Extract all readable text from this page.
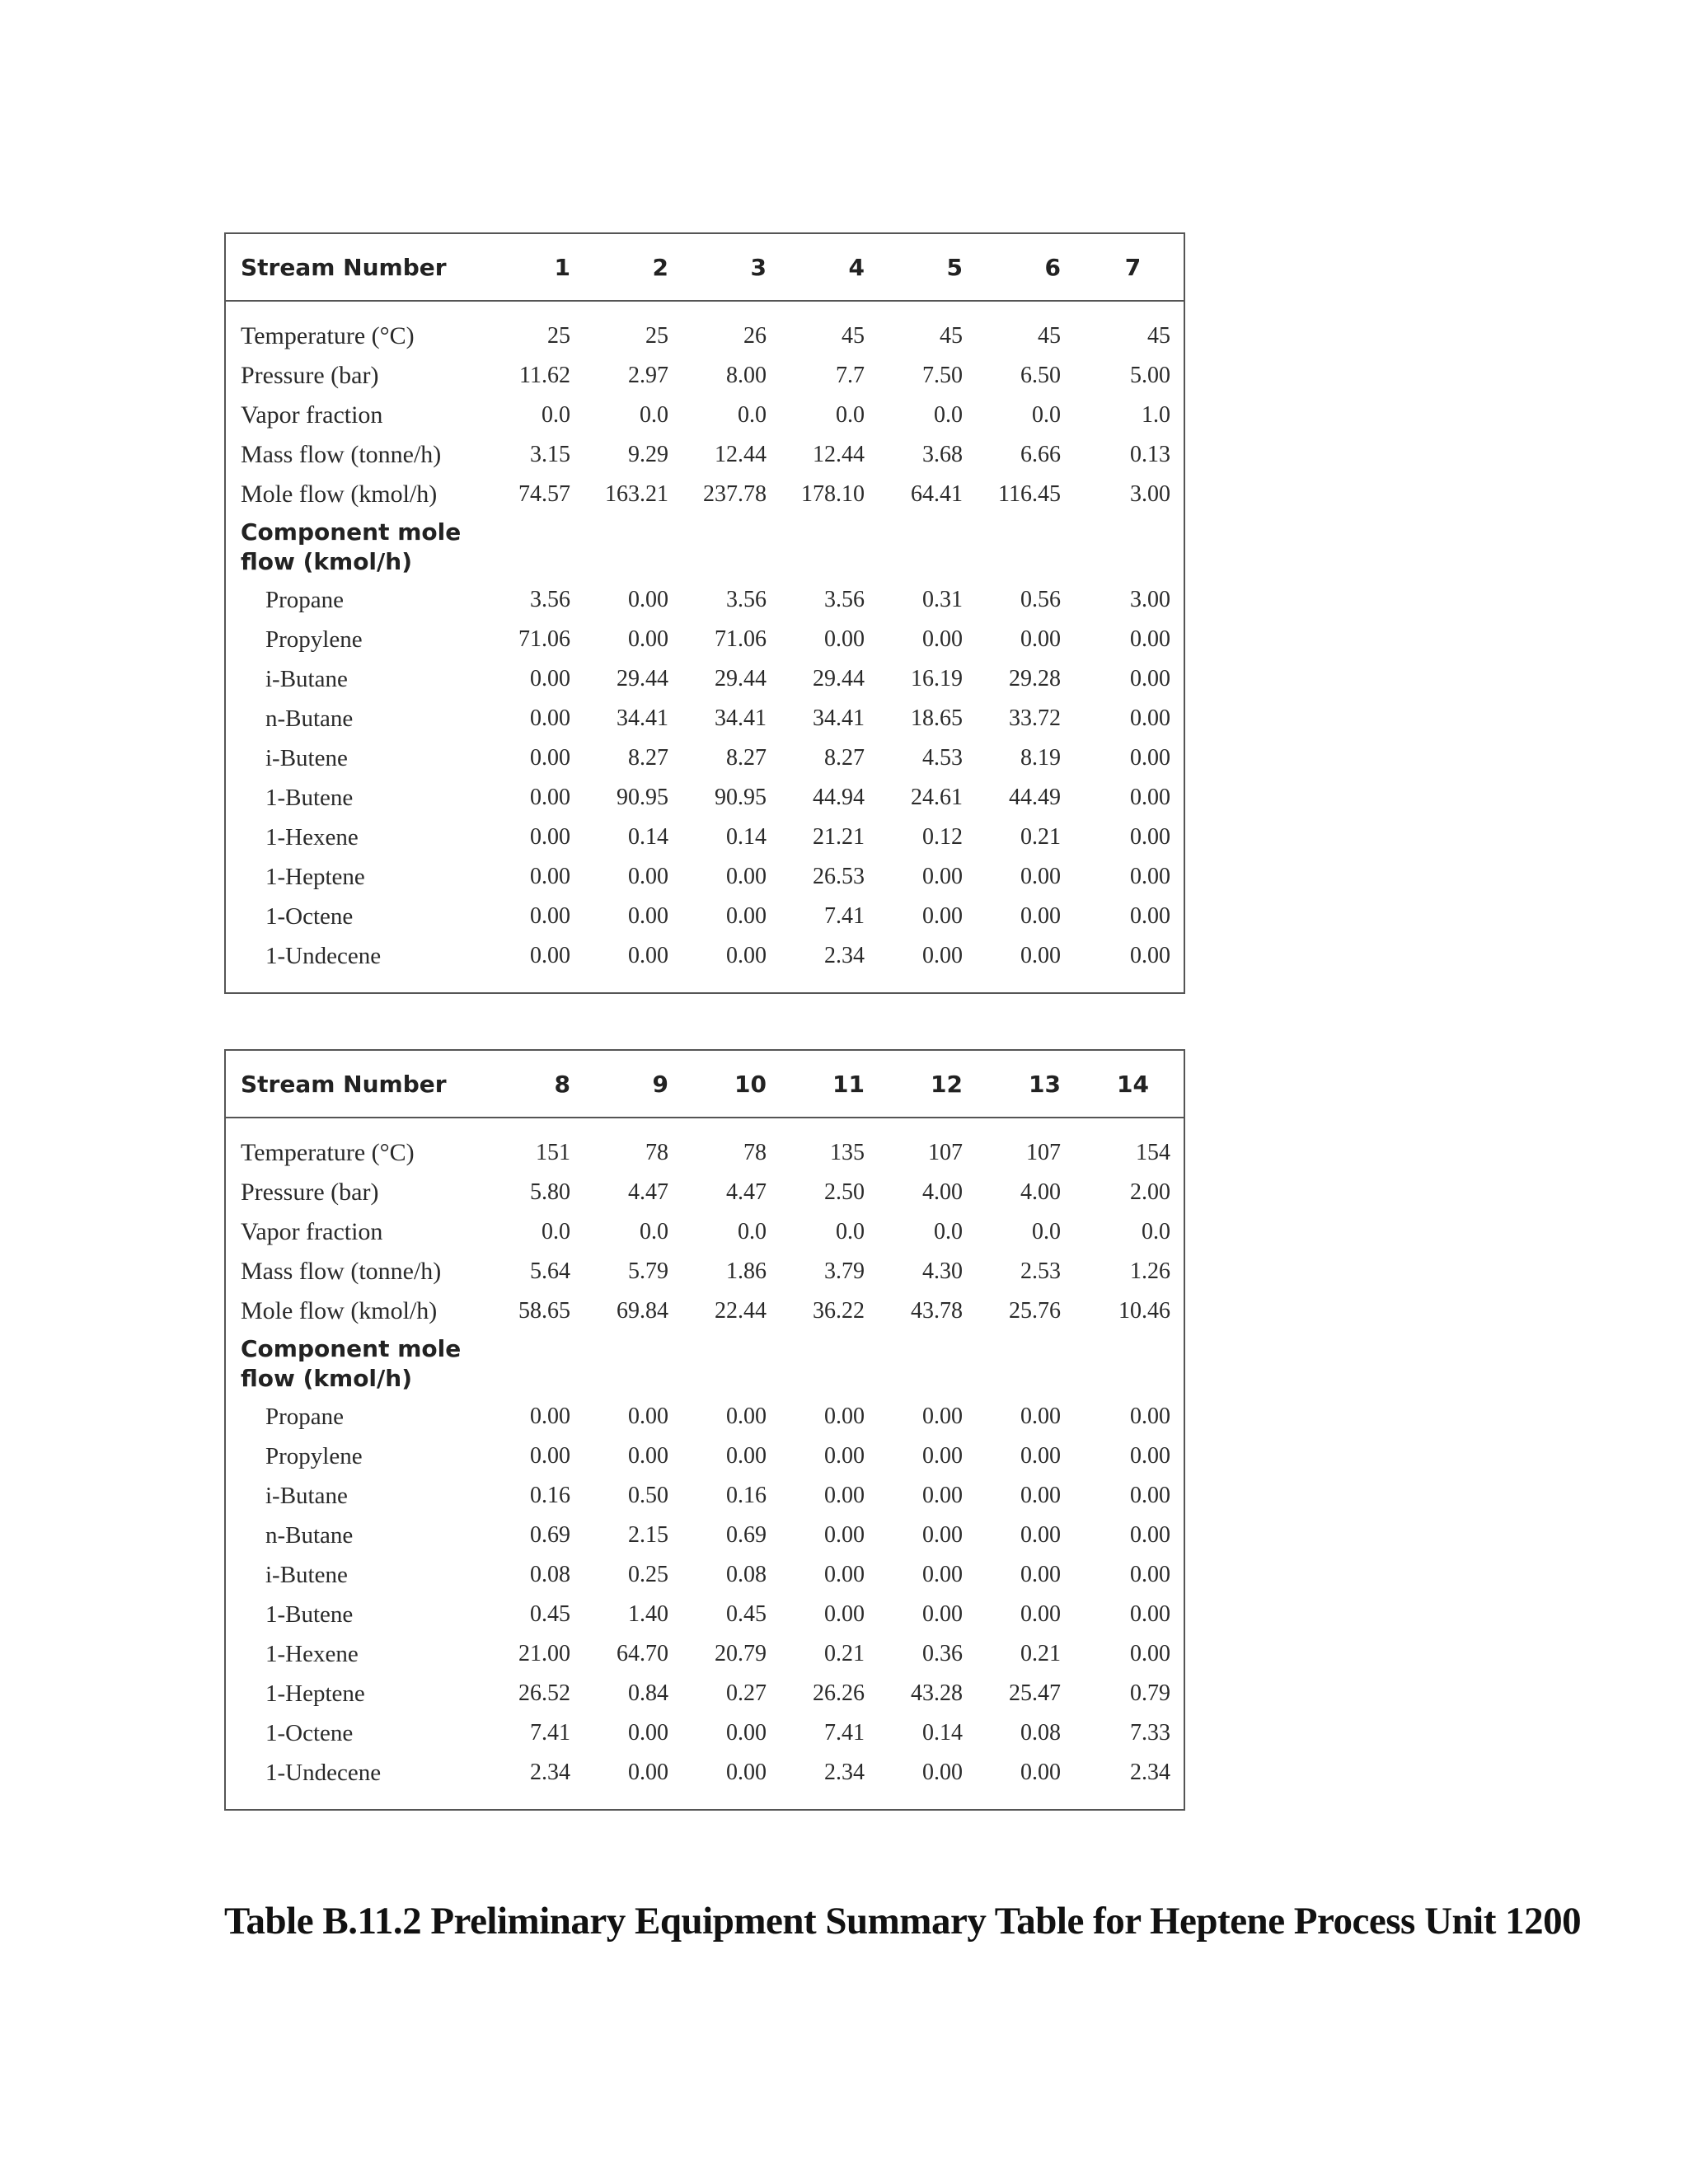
Stream Number	1	2	3	4	5	6	7
Temperature (°C)	25	25	26	45	45	45	45
Pressure (bar)	11.62	2.97	8.00	7.7	7.50	6.50	5.00
Vapor fraction	0.0	0.0	0.0	0.0	0.0	0.0	1.0
Mass flow (tonne/h)	3.15	9.29	12.44	12.44	3.68	6.66	0.13
Mole flow (kmol/h)	74.57	163.21	237.78	178.10	64.41	116.45	3.00
Component mole flow (kmol/h)							
Propane	3.56	0.00	3.56	3.56	0.31	0.56	3.00
Propylene	71.06	0.00	71.06	0.00	0.00	0.00	0.00
i-Butane	0.00	29.44	29.44	29.44	16.19	29.28	0.00
n-Butane	0.00	34.41	34.41	34.41	18.65	33.72	0.00
i-Butene	0.00	8.27	8.27	8.27	4.53	8.19	0.00
1-Butene	0.00	90.95	90.95	44.94	24.61	44.49	0.00
1-Hexene	0.00	0.14	0.14	21.21	0.12	0.21	0.00
1-Heptene	0.00	0.00	0.00	26.53	0.00	0.00	0.00
1-Octene	0.00	0.00	0.00	7.41	0.00	0.00	0.00
1-Undecene	0.00	0.00	0.00	2.34	0.00	0.00	0.00
Stream Number	8	9	10	11	12	13	14
Temperature (°C)	151	78	78	135	107	107	154
Pressure (bar)	5.80	4.47	4.47	2.50	4.00	4.00	2.00
Vapor fraction	0.0	0.0	0.0	0.0	0.0	0.0	0.0
Mass flow (tonne/h)	5.64	5.79	1.86	3.79	4.30	2.53	1.26
Mole flow (kmol/h)	58.65	69.84	22.44	36.22	43.78	25.76	10.46
Component mole flow (kmol/h)							
Propane	0.00	0.00	0.00	0.00	0.00	0.00	0.00
Propylene	0.00	0.00	0.00	0.00	0.00	0.00	0.00
i-Butane	0.16	0.50	0.16	0.00	0.00	0.00	0.00
n-Butane	0.69	2.15	0.69	0.00	0.00	0.00	0.00
i-Butene	0.08	0.25	0.08	0.00	0.00	0.00	0.00
1-Butene	0.45	1.40	0.45	0.00	0.00	0.00	0.00
1-Hexene	21.00	64.70	20.79	0.21	0.36	0.21	0.00
1-Heptene	26.52	0.84	0.27	26.26	43.28	25.47	0.79
1-Octene	7.41	0.00	0.00	7.41	0.14	0.08	7.33
1-Undecene	2.34	0.00	0.00	2.34	0.00	0.00	2.34
Table B.11.2 Preliminary Equipment Summary Table for Heptene Process Unit 1200
